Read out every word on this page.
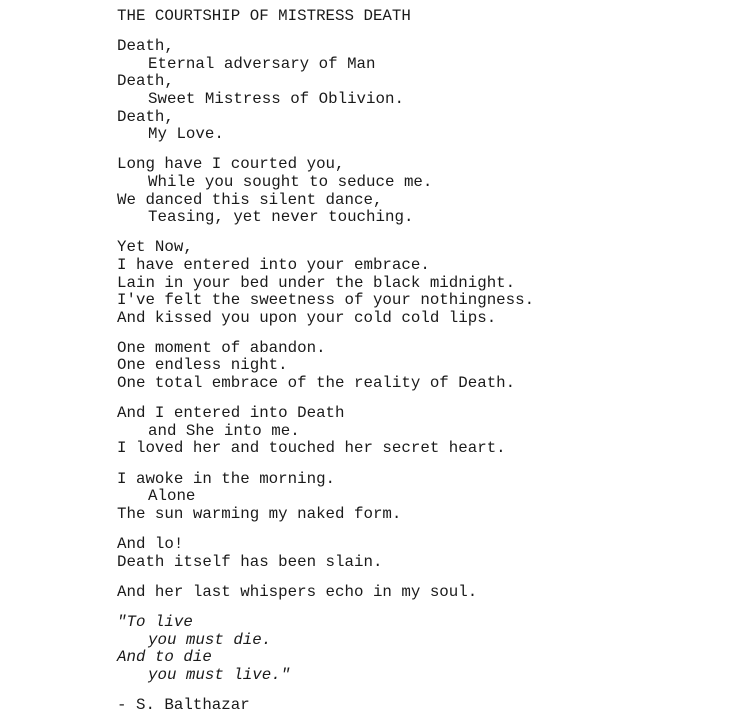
THE COURTSHIP OF MISTRESS DEATH
Death,
Eternal adversary of Man
Death,
Sweet Mistress of Oblivion.
Death,
My Love.
Long have I courted you,
While you sought to seduce me.
We danced this silent dance,
Teasing, yet never touching.
Yet Now,
I have entered into your embrace.
Lain in your bed under the black midnight.
I've felt the sweetness of your nothingness.
And kissed you upon your cold cold lips.
One moment of abandon.
One endless night.
One total embrace of the reality of Death.
And I entered into Death
and She into me.
I loved her and touched her secret heart.
I awoke in the morning.
Alone
The sun warming my naked form.
And lo!
Death itself has been slain.
And her last whispers echo in my soul.
"To live
you must die.
And to die
you must live."
- S. Balthazar
